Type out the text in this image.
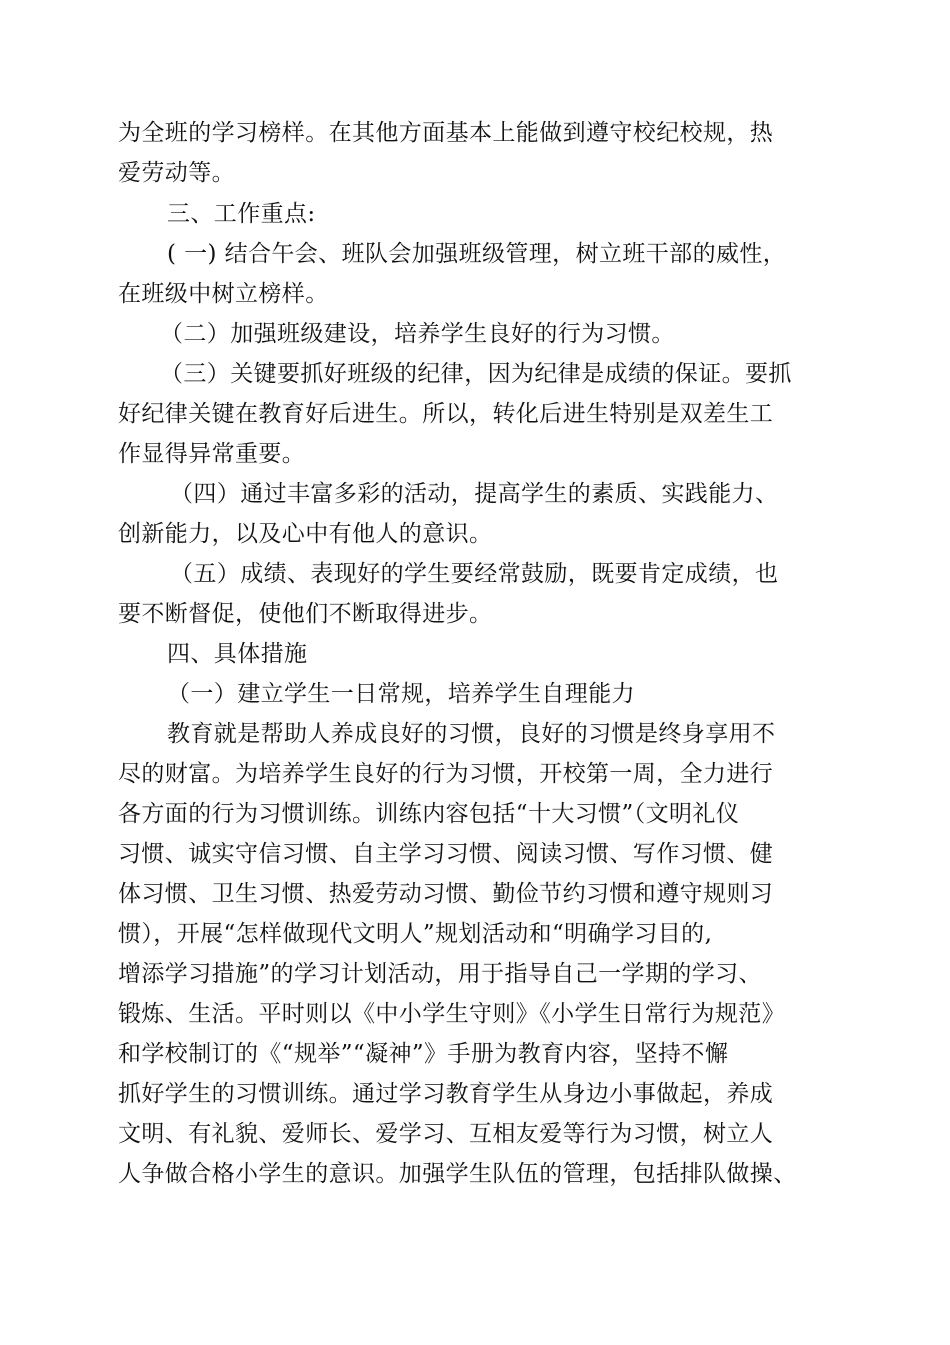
为全班的学习榜样。在其他方面基本上能做到遵守校纪校规，热
爱劳动等。
三、工作重点:
( 一) 结合午会、班队会加强班级管理，树立班干部的威性，
在班级中树立榜样。
（二）加强班级建设，培养学生良好的行为习惯。
（三）关键要抓好班级的纪律，因为纪律是成绩的保证。要抓
好纪律关键在教育好后进生。所以，转化后进生特别是双差生工
作显得异常重要。
（四）通过丰富多彩的活动，提高学生的素质、实践能力、
创新能力，以及心中有他人的意识。
（五）成绩、表现好的学生要经常鼓励，既要肯定成绩，也
要不断督促，使他们不断取得进步。
四、具体措施
（一）建立学生一日常规，培养学生自理能力
教育就是帮助人养成良好的习惯，良好的习惯是终身享用不
尽的财富。为培养学生良好的行为习惯，开校第一周，全力进行
各方面的行为习惯训练。训练内容包括“十大习惯”（文明礼仪
习惯、诚实守信习惯、自主学习习惯、阅读习惯、写作习惯、健
体习惯、卫生习惯、热爱劳动习惯、勤俭节约习惯和遵守规则习
惯），开展“怎样做现代文明人”规划活动和“明确学习目的,
增添学习措施”的学习计划活动，用于指导自己一学期的学习、
锻炼、生活。平时则以《中小学生守则》《小学生日常行为规范》
和学校制订的《“规举”“凝神”》手册为教育内容，坚持不懈
抓好学生的习惯训练。通过学习教育学生从身边小事做起，养成
文明、有礼貌、爱师长、爱学习、互相友爱等行为习惯，树立人
人争做合格小学生的意识。加强学生队伍的管理，包括排队做操、
